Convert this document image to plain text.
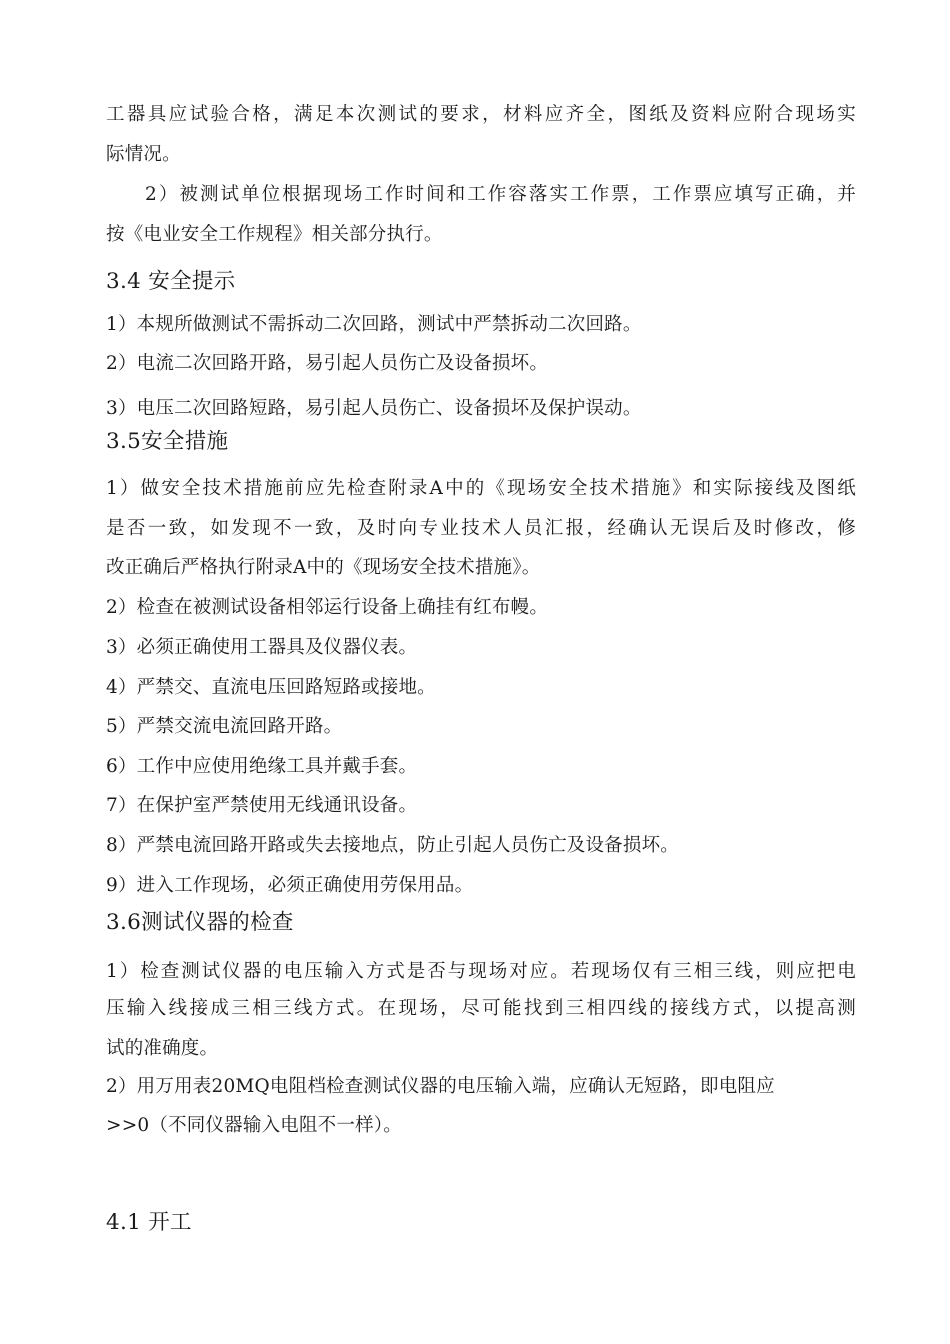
工器具应试验合格，满足本次测试的要求，材料应齐全，图纸及资料应附合现场实
际情况。
2）被测试单位根据现场工作时间和工作容落实工作票，工作票应填写正确，并
按《电业安全工作规程》相关部分执行。
3.4 安全提示
1）本规所做测试不需拆动二次回路，测试中严禁拆动二次回路。
2）电流二次回路开路，易引起人员伤亡及设备损坏。
3）电压二次回路短路，易引起人员伤亡、设备损坏及保护误动。
3.5安全措施
1）做安全技术措施前应先检查附录A中的《现场安全技术措施》和实际接线及图纸
是否一致，如发现不一致，及时向专业技术人员汇报，经确认无误后及时修改，修
改正确后严格执行附录A中的《现场安全技术措施》。
2）检查在被测试设备相邻运行设备上确挂有红布幔。
3）必须正确使用工器具及仪器仪表。
4）严禁交、直流电压回路短路或接地。
5）严禁交流电流回路开路。
6）工作中应使用绝缘工具并戴手套。
7）在保护室严禁使用无线通讯设备。
8）严禁电流回路开路或失去接地点，防止引起人员伤亡及设备损坏。
9）进入工作现场，必须正确使用劳保用品。
3.6测试仪器的检查
1）检查测试仪器的电压输入方式是否与现场对应。若现场仅有三相三线，则应把电
压输入线接成三相三线方式。在现场，尽可能找到三相四线的接线方式，以提高测
试的准确度。
2）用万用表20MQ电阻档检查测试仪器的电压输入端，应确认无短路，即电阻应
>>0（不同仪器输入电阻不一样）。
4.1 开工
